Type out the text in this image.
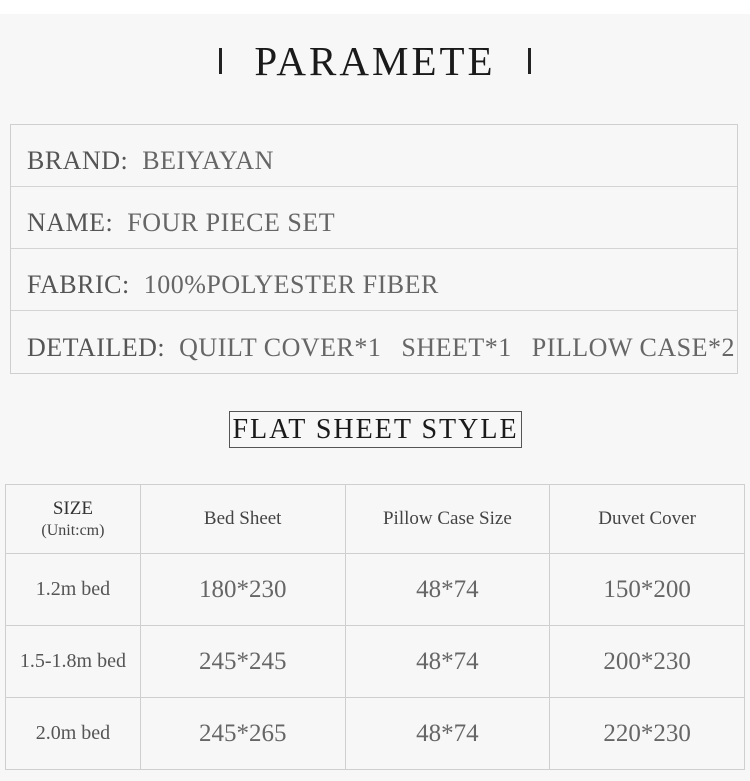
PARAMETE
BRAND: BEIYAYAN
NAME: FOUR PIECE SET
FABRIC: 100%POLYESTER FIBER
DETAILED: QUILT COVER*1 SHEET*1 PILLOW CASE*2
FLAT SHEET STYLE
SIZE
(Unit:cm)	Bed Sheet	Pillow Case Size	Duvet Cover
1.2m bed	180*230	48*74	150*200
1.5-1.8m bed	245*245	48*74	200*230
2.0m bed	245*265	48*74	220*230
